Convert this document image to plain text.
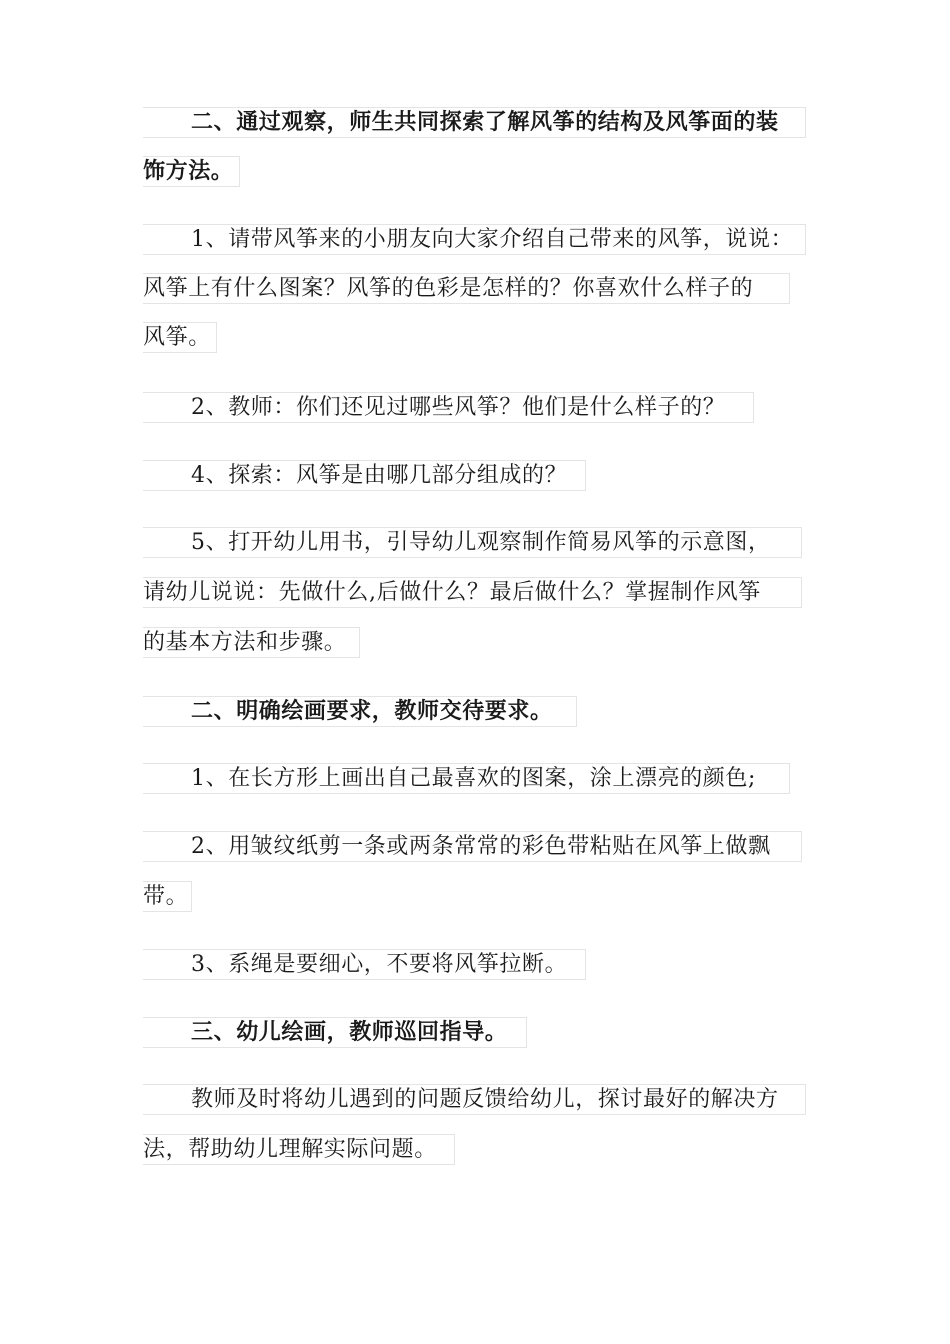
二、通过观察，师生共同探索了解风筝的结构及风筝面的装
饰方法。
1、请带风筝来的小朋友向大家介绍自己带来的风筝，说说：
风筝上有什么图案？风筝的色彩是怎样的？你喜欢什么样子的
风筝。
2、教师：你们还见过哪些风筝？他们是什么样子的？
4、探索：风筝是由哪几部分组成的？
5、打开幼儿用书，引导幼儿观察制作简易风筝的示意图，
请幼儿说说：先做什么,后做什么？最后做什么？掌握制作风筝
的基本方法和步骤。
二、明确绘画要求，教师交待要求。
1、在长方形上画出自己最喜欢的图案，涂上漂亮的颜色;
2、用皱纹纸剪一条或两条常常的彩色带粘贴在风筝上做飘
带。
3、系绳是要细心，不要将风筝拉断。
三、幼儿绘画，教师巡回指导。
教师及时将幼儿遇到的问题反馈给幼儿，探讨最好的解决方
法，帮助幼儿理解实际问题。
